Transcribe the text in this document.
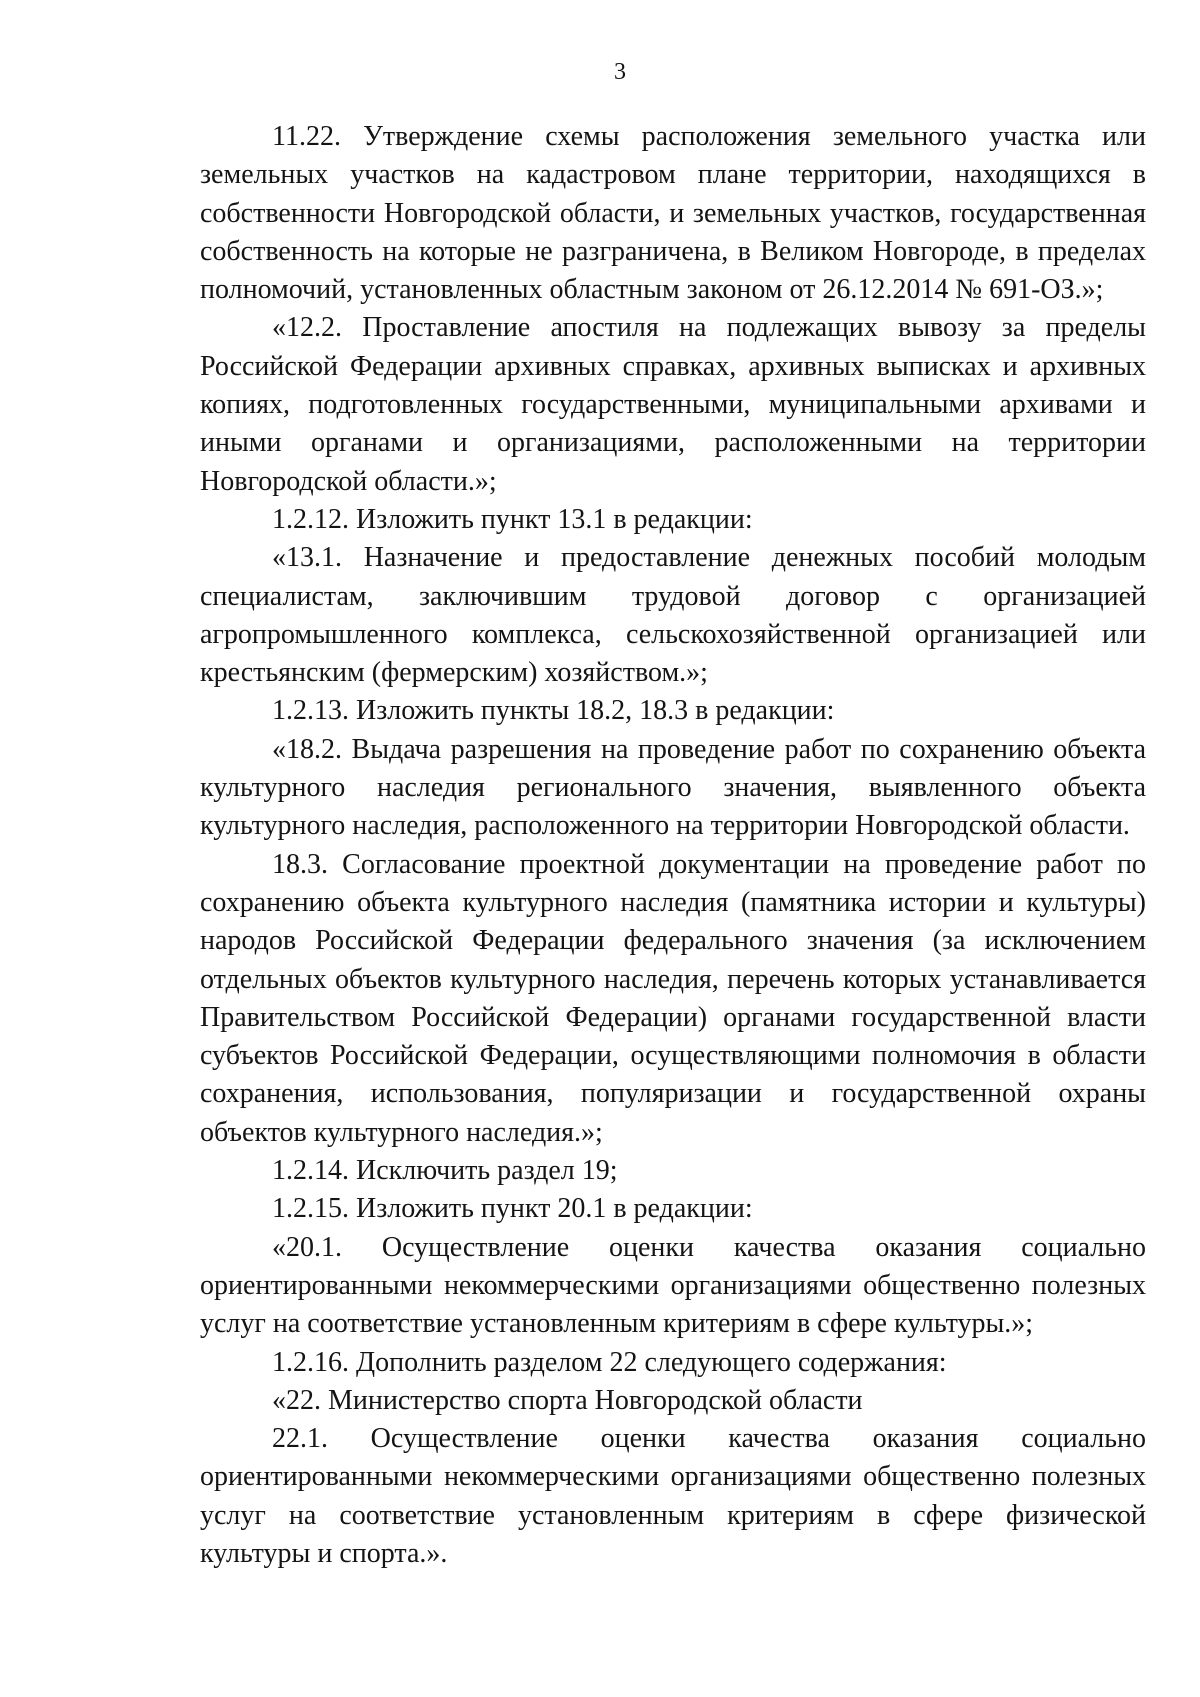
3

11.22. Утверждение схемы расположения земельного участка или земельных участков на кадастровом плане территории, находящихся в собственности Новгородской области, и земельных участков, государственная собственность на которые не разграничена, в Великом Новгороде, в пределах полномочий, установленных областным законом от 26.12.2014 № 691-ОЗ.»;

«12.2. Проставление апостиля на подлежащих вывозу за пределы Российской Федерации архивных справках, архивных выписках и архивных копиях, подготовленных государственными, муниципальными архивами и иными органами и организациями, расположенными на территории Новгородской области.»;

1.2.12. Изложить пункт 13.1 в редакции:

«13.1. Назначение и предоставление денежных пособий молодым специалистам, заключившим трудовой договор с организацией агропромышленного комплекса, сельскохозяйственной организацией или крестьянским (фермерским) хозяйством.»;

1.2.13. Изложить пункты 18.2, 18.3 в редакции:

«18.2. Выдача разрешения на проведение работ по сохранению объекта культурного наследия регионального значения, выявленного объекта культурного наследия, расположенного на территории Новгородской области.

18.3. Согласование проектной документации на проведение работ по сохранению объекта культурного наследия (памятника истории и культуры) народов Российской Федерации федерального значения (за исключением отдельных объектов культурного наследия, перечень которых устанавливается Правительством Российской Федерации) органами государственной власти субъектов Российской Федерации, осуществляющими полномочия в области сохранения, использования, популяризации и государственной охраны объектов культурного наследия.»;

1.2.14. Исключить раздел 19;

1.2.15. Изложить пункт 20.1 в редакции:

«20.1. Осуществление оценки качества оказания социально ориентированными некоммерческими организациями общественно полезных услуг на соответствие установленным критериям в сфере культуры.»;

1.2.16. Дополнить разделом 22 следующего содержания:

«22. Министерство спорта Новгородской области

22.1. Осуществление оценки качества оказания социально ориентированными некоммерческими организациями общественно полезных услуг на соответствие установленным критериям в сфере физической культуры и спорта.».
